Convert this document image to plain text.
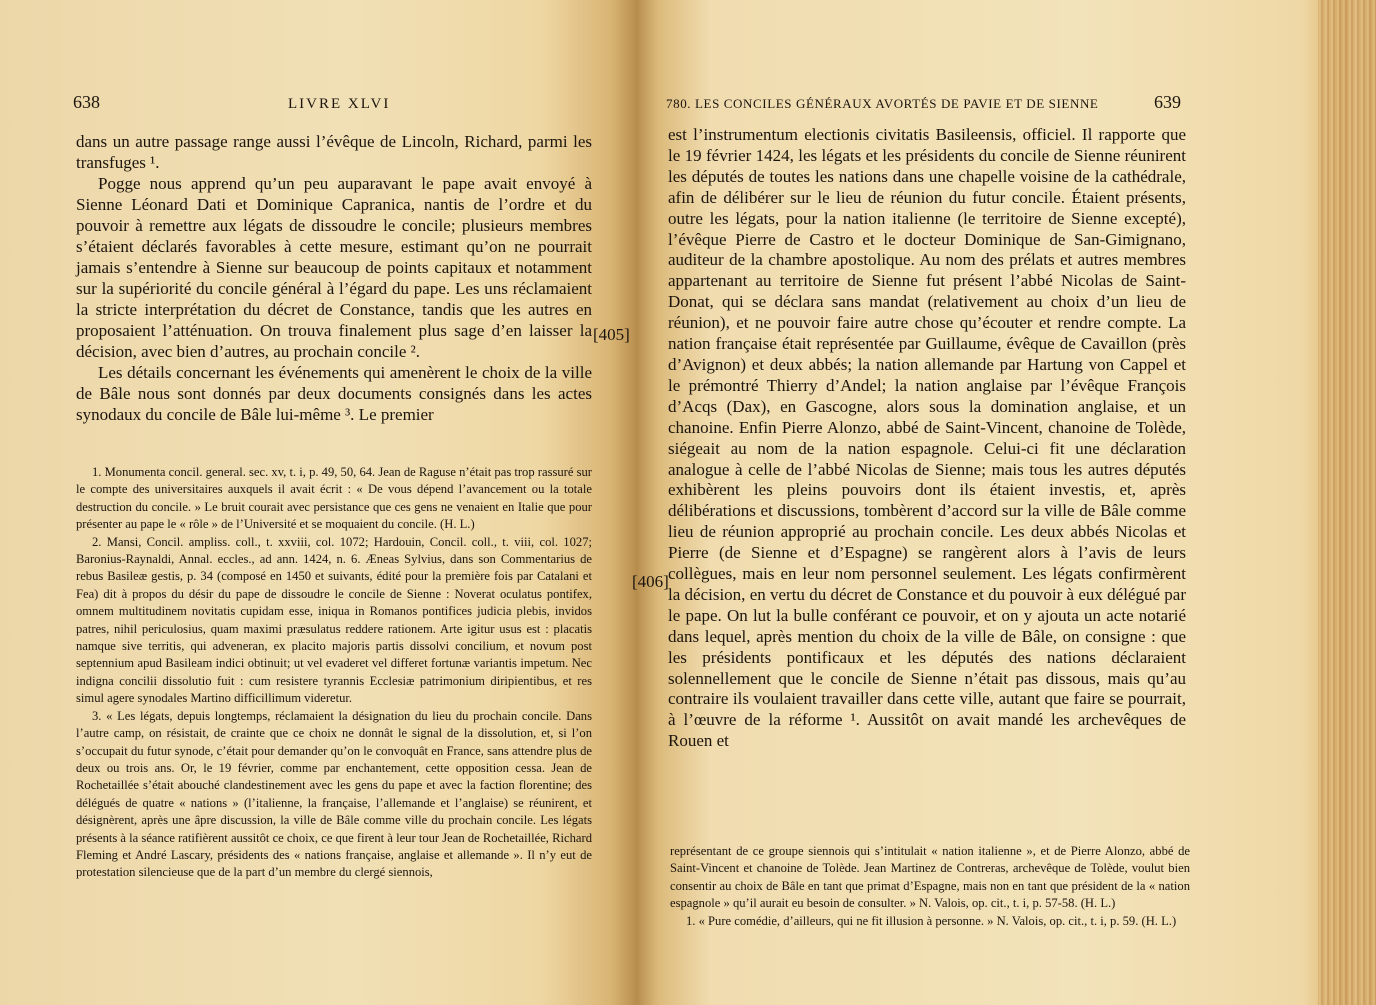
638	LIVRE XLVI

dans un autre passage range aussi l’évêque de Lincoln, Richard, parmi les transfuges ¹.

Pogge nous apprend qu’un peu auparavant le pape avait envoyé à Sienne Léonard Dati et Dominique Capranica, nantis de l’ordre et du pouvoir à remettre aux légats de dissoudre le concile; plusieurs membres s’étaient déclarés favorables à cette mesure, estimant qu’on ne pourrait jamais s’entendre à Sienne sur beaucoup de points capitaux et notamment sur la supériorité du concile général à l’égard du pape. Les uns réclamaient la stricte interprétation du décret de Constance, tandis que les autres en proposaient l’atténuation. On trouva finalement plus sage d’en laisser la décision, avec bien d’autres, au prochain concile ².

Les détails concernant les événements qui amenèrent le choix de la ville de Bâle nous sont donnés par deux documents consignés dans les actes synodaux du concile de Bâle lui-même ³. Le premier

1. Monumenta concil. general. sec. xv, t. i, p. 49, 50, 64. Jean de Raguse n’était pas trop rassuré sur le compte des universitaires auxquels il avait écrit : « De vous dépend l’avancement ou la totale destruction du concile. » Le bruit courait avec persistance que ces gens ne venaient en Italie que pour présenter au pape le « rôle » de l’Université et se moquaient du concile. (H. L.)

2. Mansi, Concil. ampliss. coll., t. xxviii, col. 1072; Hardouin, Concil. coll., t. viii, col. 1027; Baronius-Raynaldi, Annal. eccles., ad ann. 1424, n. 6. Æneas Sylvius, dans son Commentarius de rebus Basileæ gestis, p. 34 (composé en 1450 et suivants, édité pour la première fois par Catalani et Fea) dit à propos du désir du pape de dissoudre le concile de Sienne : Noverat oculatus pontifex, omnem multitudinem novitatis cupidam esse, iniqua in Romanos pontifices judicia plebis, invidos patres, nihil periculosius, quam maximi præsulatus reddere rationem. Arte igitur usus est : placatis namque sive territis, qui adveneran, ex placito majoris partis dissolvi concilium, et novum post septennium apud Basileam indici obtinuit; ut vel evaderet vel differet fortunæ variantis impetum. Nec indigna concilii dissolutio fuit : cum resistere tyrannis Ecclesiæ patrimonium diripientibus, et res simul agere synodales Martino difficillimum videretur.

3. « Les légats, depuis longtemps, réclamaient la désignation du lieu du prochain concile. Dans l’autre camp, on résistait, de crainte que ce choix ne donnât le signal de la dissolution, et, si l’on s’occupait du futur synode, c’était pour demander qu’on le convoquât en France, sans attendre plus de deux ou trois ans. Or, le 19 février, comme par enchantement, cette opposition cessa. Jean de Rochetaillée s’était abouché clandestinement avec les gens du pape et avec la faction florentine; des délégués de quatre « nations » (l’italienne, la française, l’allemande et l’anglaise) se réunirent, et désignèrent, après une âpre discussion, la ville de Bâle comme ville du prochain concile. Les légats présents à la séance ratifièrent aussitôt ce choix, ce que firent à leur tour Jean de Rochetaillée, Richard Fleming et André Lascary, présidents des « nations française, anglaise et allemande ». Il n’y eut de protestation silencieuse que de la part d’un membre du clergé siennois,

[405]
780. LES CONCILES GÉNÉRAUX AVORTÉS DE PAVIE ET DE SIENNE	639

est l’instrumentum electionis civitatis Basileensis, officiel. Il rapporte que le 19 février 1424, les légats et les présidents du concile de Sienne réunirent les députés de toutes les nations dans une chapelle voisine de la cathédrale, afin de délibérer sur le lieu de réunion du futur concile. Étaient présents, outre les légats, pour la nation italienne (le territoire de Sienne excepté), l’évêque Pierre de Castro et le docteur Dominique de San-Gimignano, auditeur de la chambre apostolique. Au nom des prélats et autres membres appartenant au territoire de Sienne fut présent l’abbé Nicolas de Saint-Donat, qui se déclara sans mandat (relativement au choix d’un lieu de réunion), et ne pouvoir faire autre chose qu’écouter et rendre compte. La nation française était représentée par Guillaume, évêque de Cavaillon (près d’Avignon) et deux abbés; la nation allemande par Hartung von Cappel et le prémontré Thierry d’Andel; la nation anglaise par l’évêque François d’Acqs (Dax), en Gascogne, alors sous la domination anglaise, et un chanoine. Enfin Pierre Alonzo, abbé de Saint-Vincent, chanoine de Tolède, siégeait au nom de la nation espagnole. Celui-ci fit une déclaration analogue à celle de l’abbé Nicolas de Sienne; mais tous les autres députés exhibèrent les pleins pouvoirs dont ils étaient investis, et, après délibérations et discussions, tombèrent d’accord sur la ville de Bâle comme lieu de réunion approprié au prochain concile. Les deux abbés Nicolas et Pierre (de Sienne et d’Espagne) se rangèrent alors à l’avis de leurs collègues, mais en leur nom personnel seulement. Les légats confirmèrent la décision, en vertu du décret de Constance et du pouvoir à eux délégué par le pape. On lut la bulle conférant ce pouvoir, et on y ajouta un acte notarié dans lequel, après mention du choix de la ville de Bâle, on consigne : que les présidents pontificaux et les députés des nations déclaraient solennellement que le concile de Sienne n’était pas dissous, mais qu’au contraire ils voulaient travailler dans cette ville, autant que faire se pourrait, à l’œuvre de la réforme ¹. Aussitôt on avait mandé les archevêques de Rouen et

représentant de ce groupe siennois qui s’intitulait « nation italienne », et de Pierre Alonzo, abbé de Saint-Vincent et chanoine de Tolède. Jean Martinez de Contreras, archevêque de Tolède, voulut bien consentir au choix de Bâle en tant que primat d’Espagne, mais non en tant que président de la « nation espagnole » qu’il aurait eu besoin de consulter. » N. Valois, op. cit., t. i, p. 57-58. (H. L.)

1. « Pure comédie, d’ailleurs, qui ne fit illusion à personne. » N. Valois, op. cit., t. i, p. 59. (H. L.)

[406]
